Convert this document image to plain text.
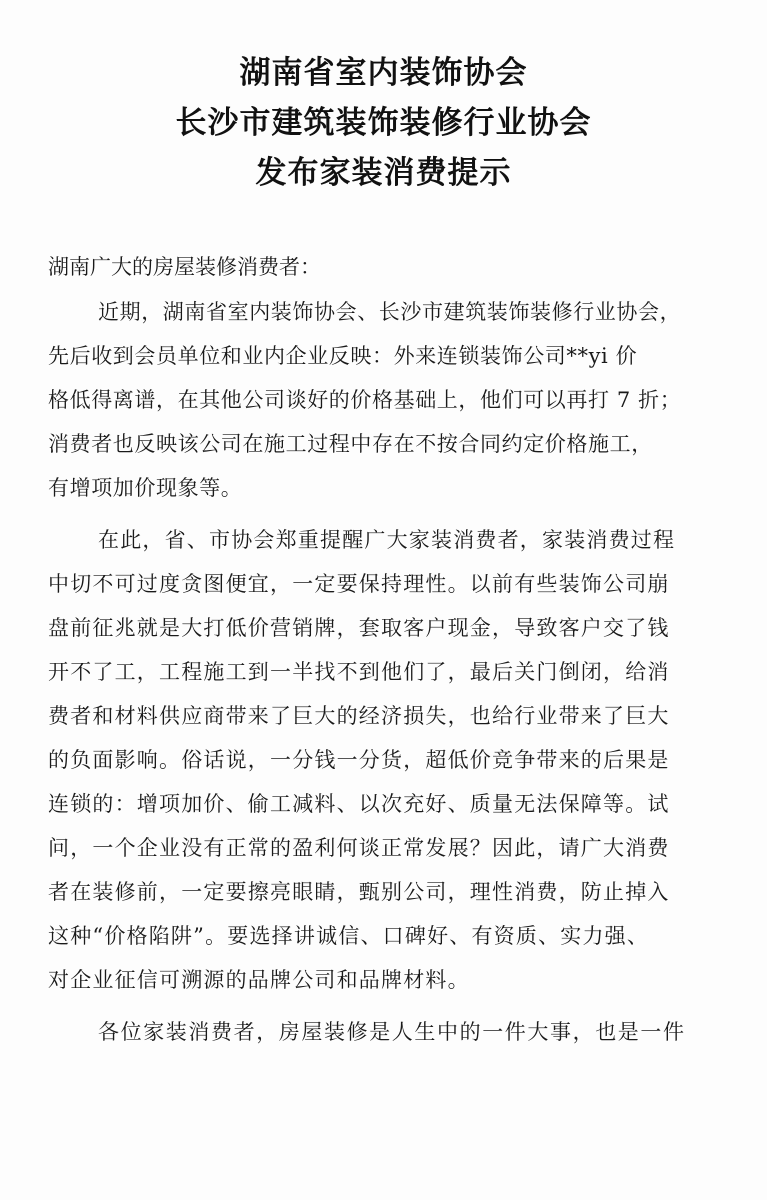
湖南省室内装饰协会
长沙市建筑装饰装修行业协会
发布家装消费提示
湖南广大的房屋装修消费者：
近期，湖南省室内装饰协会、长沙市建筑装饰装修行业协会，
先后收到会员单位和业内企业反映：外来连锁装饰公司**yi 价
格低得离谱，在其他公司谈好的价格基础上，他们可以再打 7 折；
消费者也反映该公司在施工过程中存在不按合同约定价格施工，
有增项加价现象等。
在此，省、市协会郑重提醒广大家装消费者，家装消费过程
中切不可过度贪图便宜，一定要保持理性。以前有些装饰公司崩
盘前征兆就是大打低价营销牌，套取客户现金，导致客户交了钱
开不了工，工程施工到一半找不到他们了，最后关门倒闭，给消
费者和材料供应商带来了巨大的经济损失，也给行业带来了巨大
的负面影响。俗话说，一分钱一分货，超低价竞争带来的后果是
连锁的：增项加价、偷工减料、以次充好、质量无法保障等。试
问，一个企业没有正常的盈利何谈正常发展？因此，请广大消费
者在装修前，一定要擦亮眼睛，甄别公司，理性消费，防止掉入
这种“价格陷阱”。要选择讲诚信、口碑好、有资质、实力强、
对企业征信可溯源的品牌公司和品牌材料。
各位家装消费者，房屋装修是人生中的一件大事，也是一件
